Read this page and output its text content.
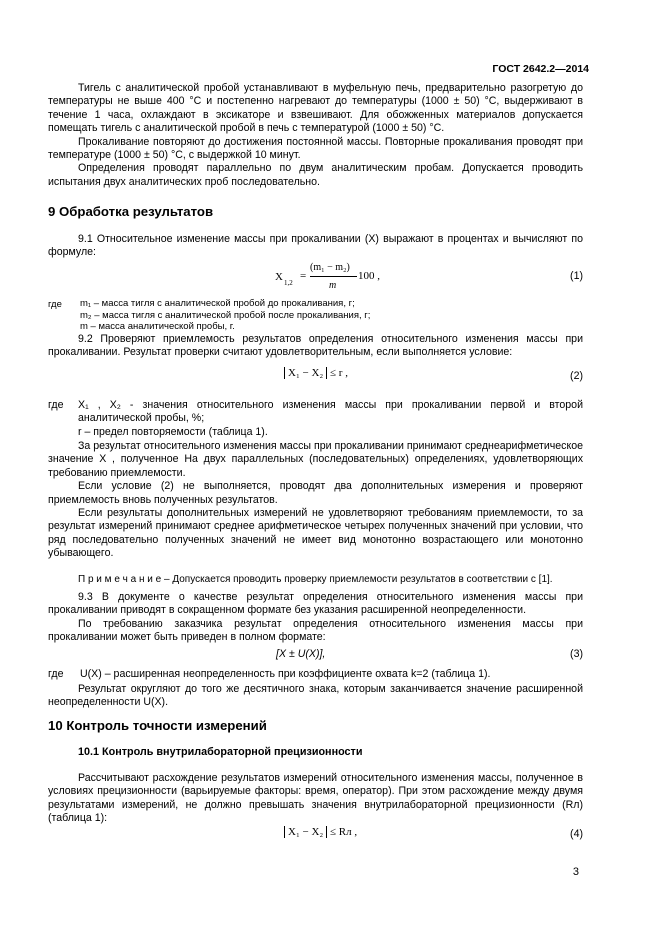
ГОСТ 2642.2—2014

Тигель с аналитической пробой устанавливают в муфельную печь, предварительно разогретую до температуры не выше 400 °С и постепенно нагревают до температуры (1000 ± 50) °С, выдерживают в течение 1 часа, охлаждают в эксикаторе и взвешивают. Для обожженных материалов допускается помещать тигель с аналитической пробой в печь с температурой (1000 ± 50) °С.

Прокаливание повторяют до достижения постоянной массы. Повторные прокаливания проводят при температуре (1000 ± 50) °С, с выдержкой 10 минут.

Определения проводят параллельно по двум аналитическим пробам. Допускается проводить испытания двух аналитических проб последовательно.

9 Обработка результатов

9.1 Относительное изменение массы при прокаливании (X) выражают в процентах и вычисляют по формуле:

X 1,2
=
(m₁ − m₂)
m
100 ,	(1)
где m₁ – масса тигля с аналитической пробой до прокаливания, г;
m₂ – масса тигля с аналитической пробой после прокаливания, г;
m – масса аналитической пробы, г.

9.2 Проверяют приемлемость результатов определения относительного изменения массы при прокаливании. Результат проверки считают удовлетворительным, если выполняется условие:

X₁ − X₂ ≤ r ,	(2)
где	X₁ , X₂ - значения относительного изменения массы при прокаливании первой и второй аналитической пробы, %;

r – предел повторяемости (таблица 1).

За результат относительного изменения массы при прокаливании принимают среднеарифметическое значение X , полученное На двух параллельных (последовательных) определениях, удовлетворяющих требованию приемлемости.

Если условие (2) не выполняется, проводят два дополнительных измерения и проверяют приемлемость вновь полученных результатов.

Если результаты дополнительных измерений не удовлетворяют требованиям приемлемости, то за результат измерений принимают среднее арифметическое четырех полученных значений при условии, что ряд последовательно полученных значений не имеет вид монотонно возрастающего или монотонно убывающего.

П р и м е ч а н и е – Допускается проводить проверку приемлемости результатов в соответствии с [1].

9.3 В документе о качестве результат определения относительного изменения массы при прокаливании приводят в сокращенном формате без указания расширенной неопределенности.

По требованию заказчика результат определения относительного изменения массы при прокаливании может быть приведен в полном формате:

[X ± U(X)],	(3)
где U(X) – расширенная неопределенность при коэффициенте охвата k=2 (таблица 1).

Результат округляют до того же десятичного знака, которым заканчивается значение расширенной неопределенности U(X).

10 Контроль точности измерений
10.1 Контроль внутрилабораторной прецизионности

Рассчитывают расхождение результатов измерений относительного изменения массы, полученное в условиях прецизионности (варьируемые факторы: время, оператор). При этом расхождение между двумя результатами измерений, не должно превышать значения внутрилабораторной прецизионности (Rл) (таблица 1):

X₁ − X₂ ≤ Rл ,	(4)
3
